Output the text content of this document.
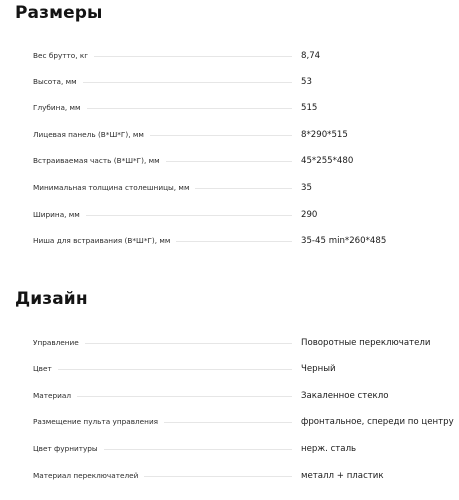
Размеры
Вес брутто, кг	8,74
Высота, мм	53
Глубина, мм	515
Лицевая панель (В*Ш*Г), мм	8*290*515
Встраиваемая часть (В*Ш*Г), мм	45*255*480
Минимальная толщина столешницы, мм	35
Ширина, мм	290
Ниша для встраивания (В*Ш*Г), мм	35-45 min*260*485
Дизайн
Управление	Поворотные переключатели
Цвет	Черный
Материал	Закаленное стекло
Размещение пульта управления	фронтальное, спереди по центру
Цвет фурнитуры	нерж. сталь
Материал переключателей	металл + пластик
